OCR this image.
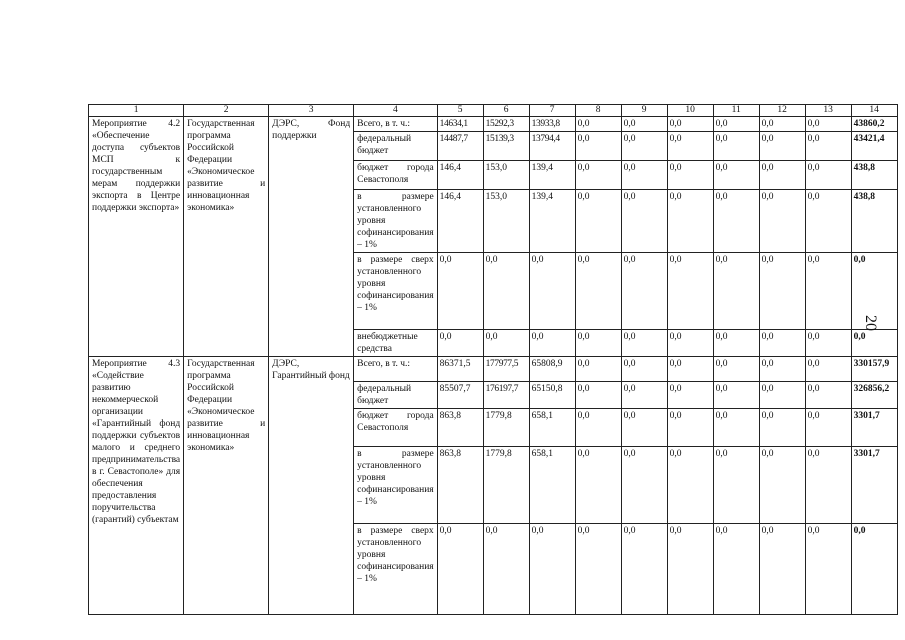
1	2	3	4	5	6	7	8	9	10	11	12	13	14
Мероприятие 4.2 «Обеспечение доступа субъектов МСП к государственным мерам поддержки экспорта в Центре поддержки экспорта»	Государственная программа Российской Федерации «Экономическое развитие и инновационная экономика»	ДЭРС, Фонд поддержки	Всего, в т. ч.:	14634,1	15292,3	13933,8	0,0	0,0	0,0	0,0	0,0	0,0	43860,2
			федеральный бюджет	14487,7	15139,3	13794,4	0,0	0,0	0,0	0,0	0,0	0,0	43421,4
			бюджет города Севастополя	146,4	153,0	139,4	0,0	0,0	0,0	0,0	0,0	0,0	438,8
			в размере установленного уровня софинансирования – 1%	146,4	153,0	139,4	0,0	0,0	0,0	0,0	0,0	0,0	438,8
			в размере сверх установленного уровня софинансирования – 1%	0,0	0,0	0,0	0,0	0,0	0,0	0,0	0,0	0,0	0,0
			внебюджетные средства	0,0	0,0	0,0	0,0	0,0	0,0	0,0	0,0	0,0	0,0
Мероприятие 4.3 «Содействие развитию некоммерческой организации «Гарантийный фонд поддержки субъектов малого и среднего предпринимательства в г. Севастополе» для обеспечения предоставления поручительства (гарантий) субъектам	Государственная программа Российской Федерации «Экономическое развитие и инновационная экономика»	ДЭРС, Гарантийный фонд	Всего, в т. ч.:	86371,5	177977,5	65808,9	0,0	0,0	0,0	0,0	0,0	0,0	330157,9
			федеральный бюджет	85507,7	176197,7	65150,8	0,0	0,0	0,0	0,0	0,0	0,0	326856,2
			бюджет города Севастополя	863,8	1779,8	658,1	0,0	0,0	0,0	0,0	0,0	0,0	3301,7
			в размере установленного уровня софинансирования – 1%	863,8	1779,8	658,1	0,0	0,0	0,0	0,0	0,0	0,0	3301,7
			в размере сверх установленного уровня софинансирования – 1%	0,0	0,0	0,0	0,0	0,0	0,0	0,0	0,0	0,0	0,0
20
